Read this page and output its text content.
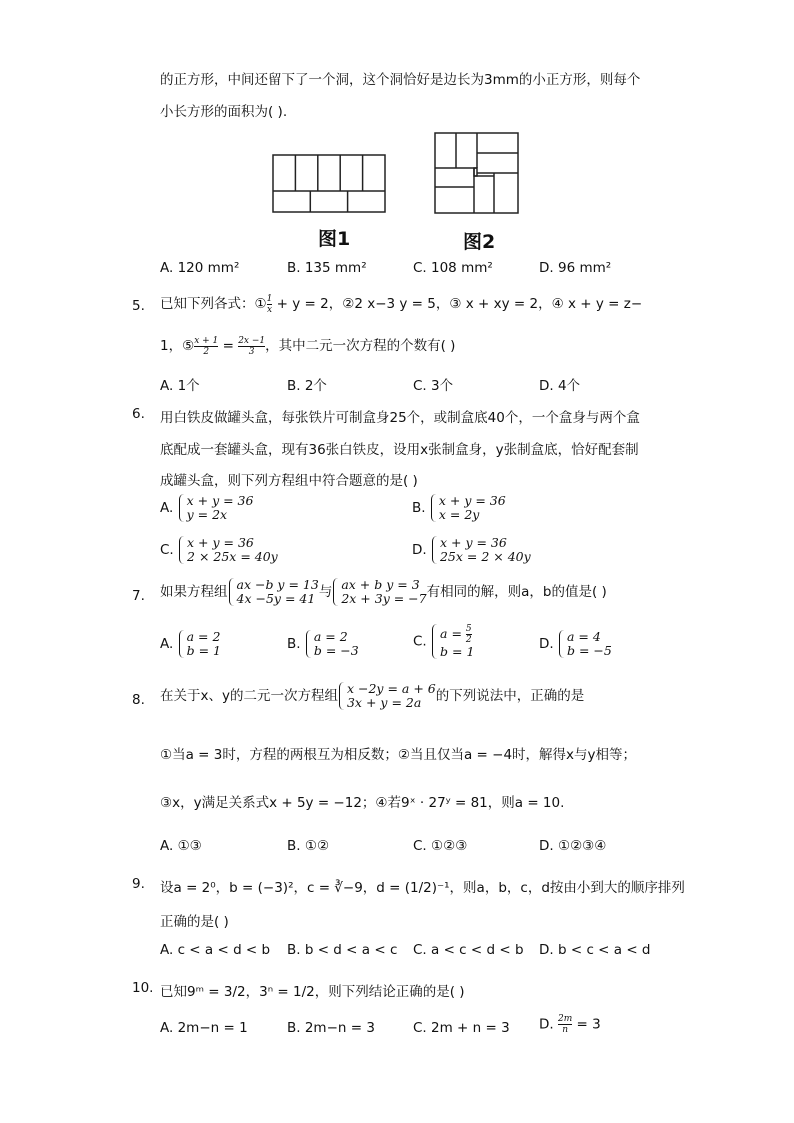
的正方形，中间还留下了一个洞，这个洞恰好是边长为3mm的小正方形，则每个
小长方形的面积为( ).
图1	图2
A. 120 mm²	B. 135 mm²	C. 108 mm²	D. 96 mm²
5. 已知下列各式：① $\frac{1}{x} + y = 2$，②2 x−3 y = 5，③ x + xy = 2，④ x + y = z−
1，⑤ $\frac{x + 1}{2} = \frac{2x -1}{3}$ ，其中二元一次方程的个数有( )
A. 1个	B. 2个	C. 3个	D. 4个
6. 用白铁皮做罐头盒，每张铁片可制盒身25个，或制盒底40个，一个盒身与两个盒
底配成一套罐头盒，现有36张白铁皮，设用x张制盒身，y张制盒底，恰好配套制
成罐头盒，则下列方程组中符合题意的是( )
A. x + y = 36
y = 2x	B. x + y = 36
x = 2y
C. x + y = 36
2 × 25x = 40y	D. x + y = 36
25x = 2 × 40y
7. 如果方程组 ax −b y = 13
4x −5y = 41 与 ax + b y = 3
2x + 3y = −7 有相同的解，则a，b的值是( )
A. a = 2
b = 1	B. a = 2
b = −3
C. $a = \frac{5}{2}$
b = 1	D. a = 4
b = −5
8. 在关于x、y的二元一次方程组 x −2y = a + 6
3x + y = 2a	的下列说法中，正确的是
①当a = 3时，方程的两根互为相反数；②当且仅当a = −4时，解得x与y相等；
③x，y满足关系式x + 5y = −12；④若9ˣ · 27ʸ = 81，则a = 10.
A. ①③	B. ①②	C. ①②③	D. ①②③④
9. 设a = 2⁰，b = (−3)²，c = ∛−9，d = (1/2)⁻¹，则a，b，c，d按由小到大的顺序排列
正确的是( )
A. c < a < d < b B. b < d < a < c C. a < c < d < b D. b < c < a < d
10. 已知9ᵐ = 3/2，3ⁿ = 1/2，则下列结论正确的是( )
A. 2m−n = 1	B. 2m−n = 3	C. 2m + n = 3 D. $\frac{2m}{n} = 3$
